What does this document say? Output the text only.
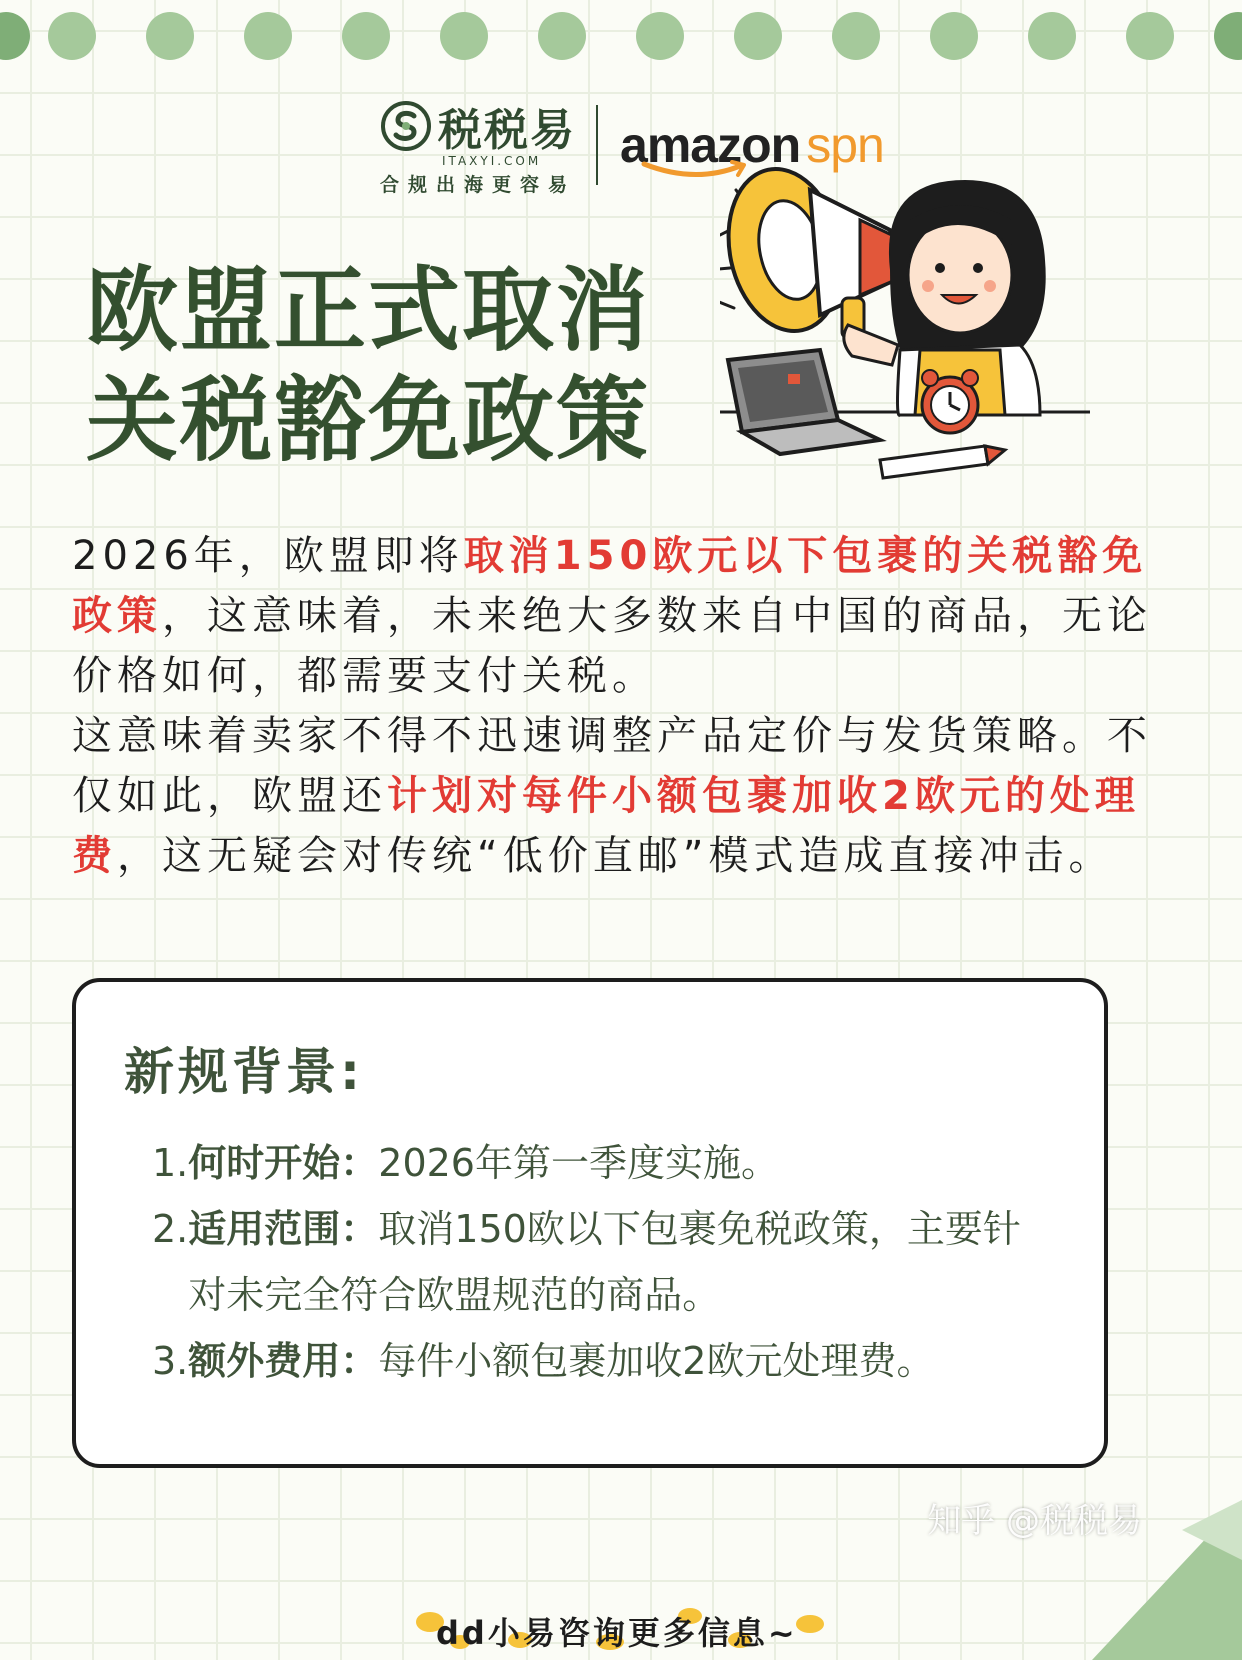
税税易
ITAXYI.COM
合规出海更容易
amazon spn
欧盟正式取消
关税豁免政策

2026年，欧盟即将取消150欧元以下包裹的关税豁免政策，这意味着，未来绝大多数来自中国的商品，无论价格如何，都需要支付关税。

这意味着卖家不得不迅速调整产品定价与发货策略。不仅如此，欧盟还计划对每件小额包裹加收2欧元的处理费，这无疑会对传统“低价直邮”模式造成直接冲击。

新规背景:
1. 何时开始：2026年第一季度实施。
2. 适用范围：取消150欧以下包裹免税政策，主要针对未完全符合欧盟规范的商品。
3. 额外费用：每件小额包裹加收2欧元处理费。
知乎 @税税易
dd小易咨询更多信息~
